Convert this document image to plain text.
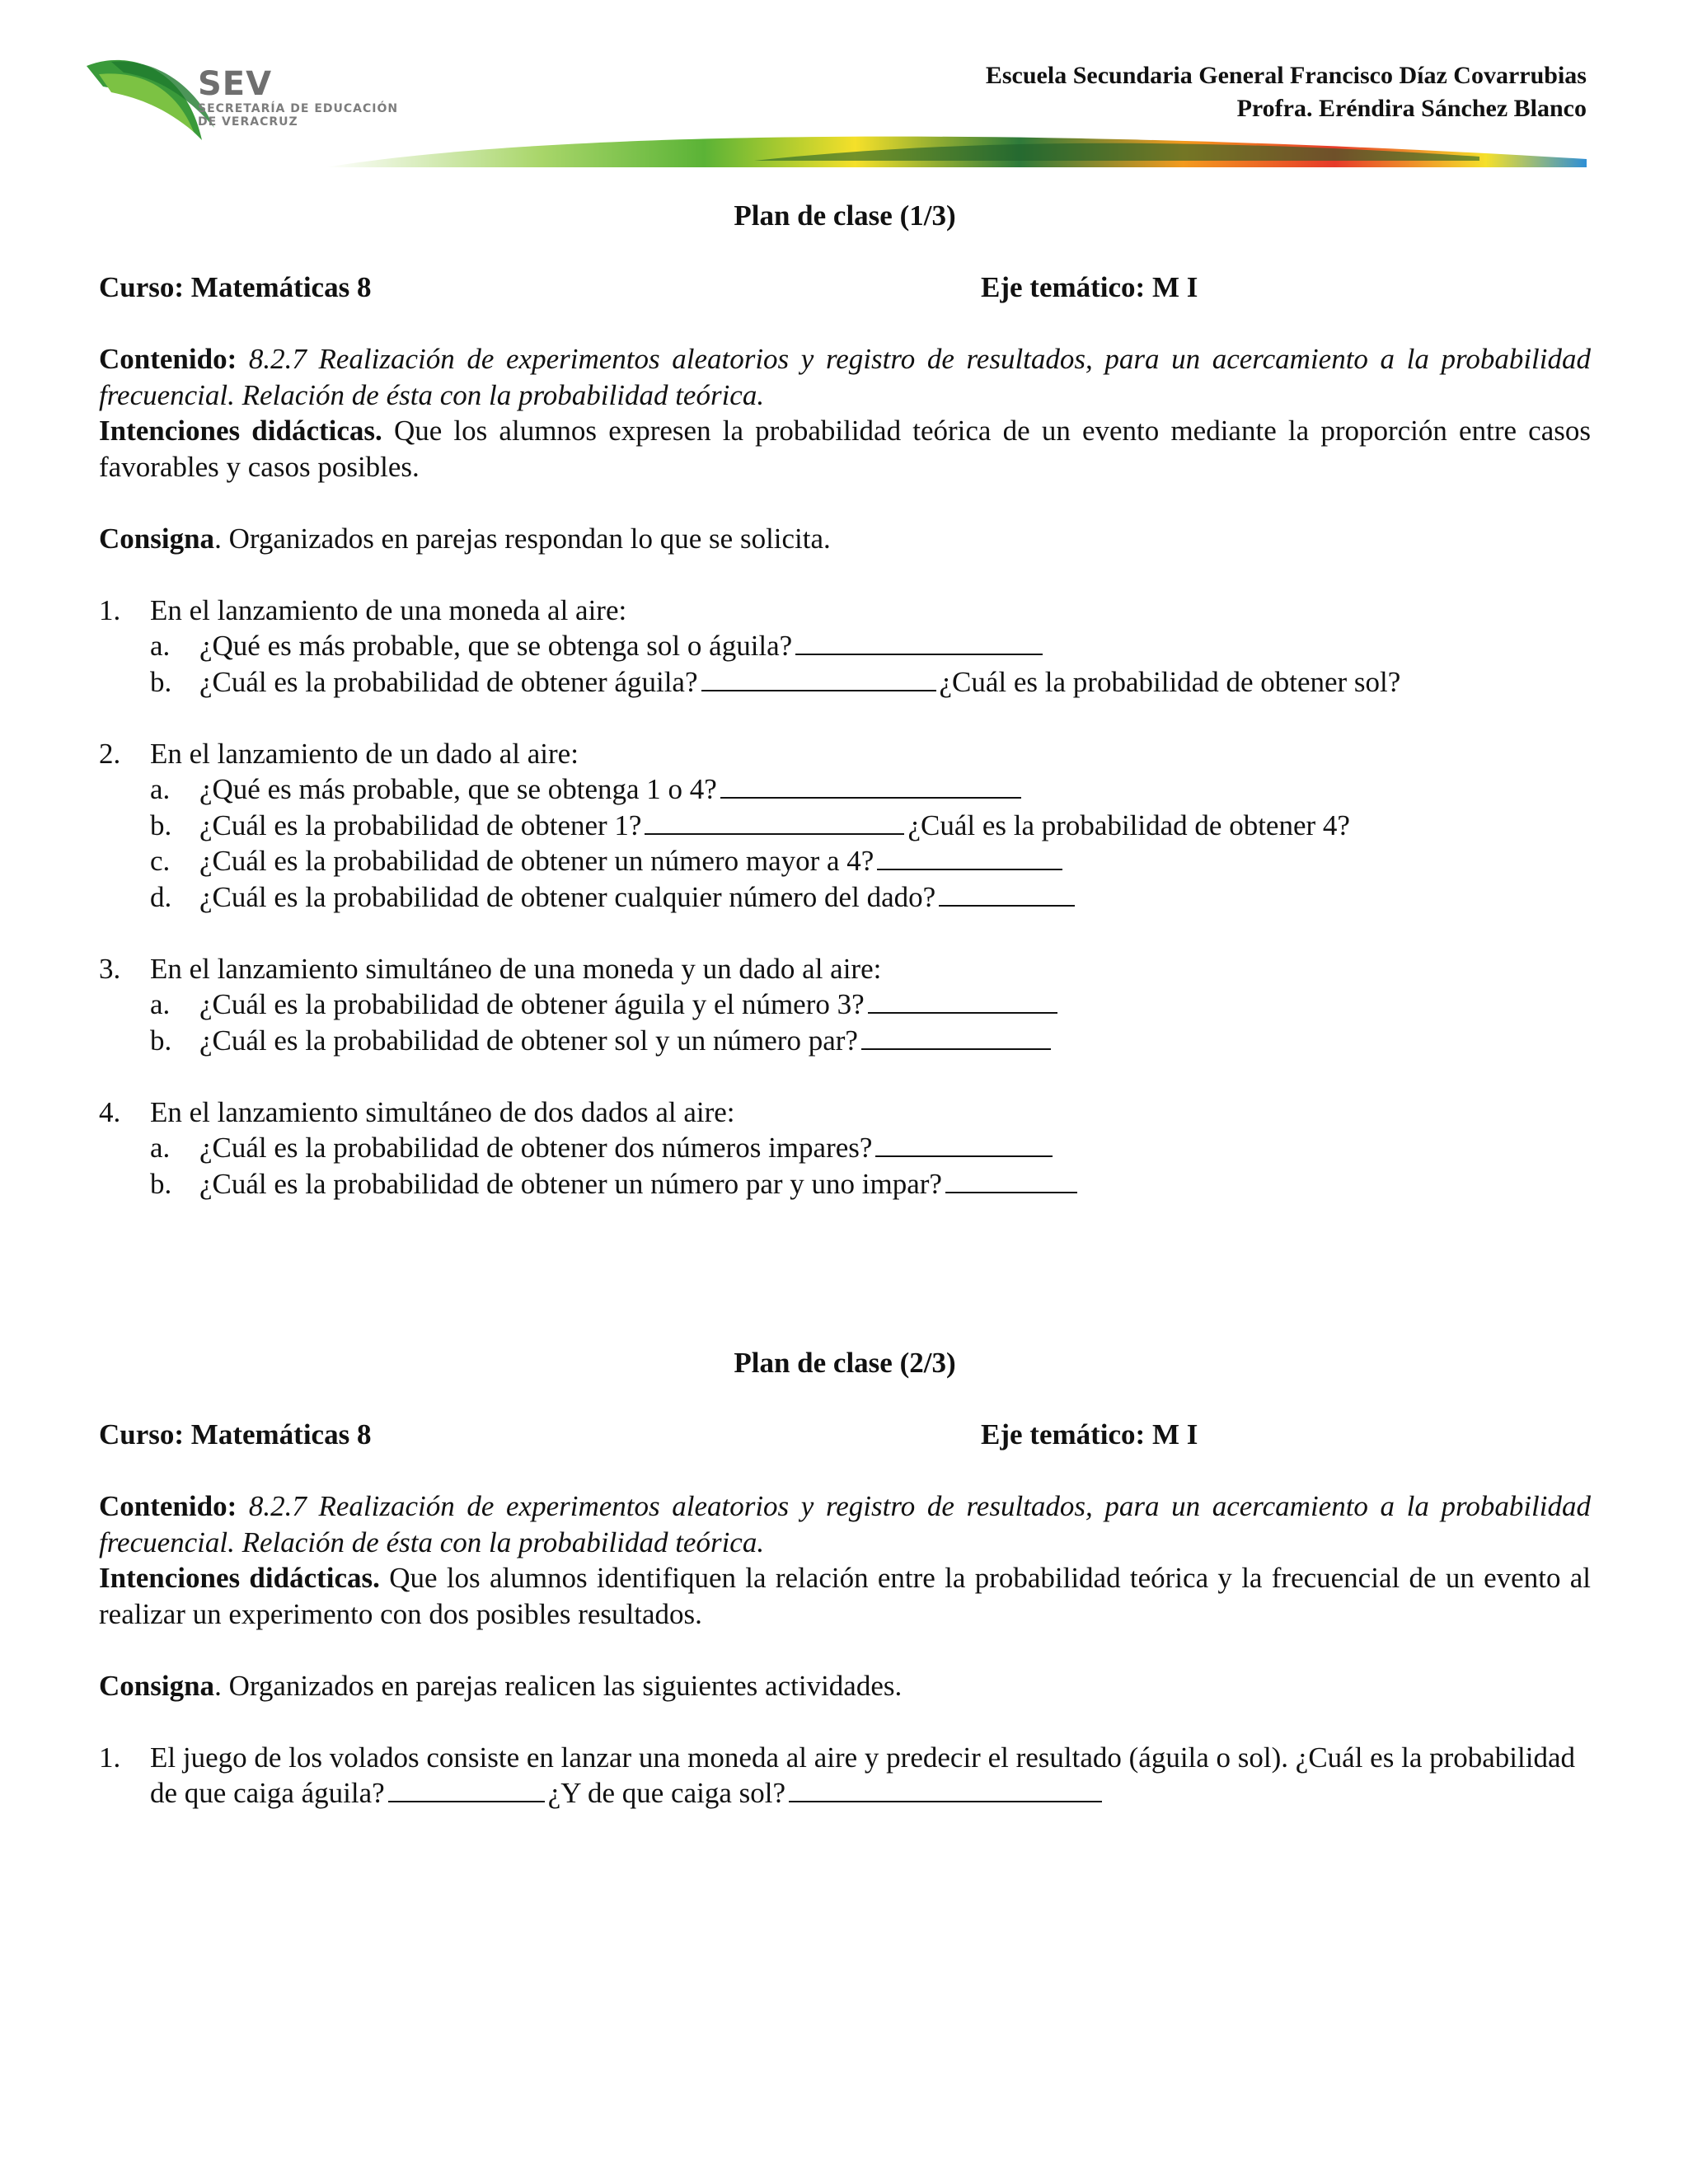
SEV
SECRETARÍA DE EDUCACIÓN
DE VERACRUZ
Escuela Secundaria General Francisco Díaz Covarrubias
Profra. Eréndira Sánchez Blanco

Plan de clase (1/3)

Curso: Matemáticas 8	Eje temático: M I

Contenido: 8.2.7 Realización de experimentos aleatorios y registro de resultados, para un acercamiento a la probabilidad frecuencial. Relación de ésta con la probabilidad teórica.

Intenciones didácticas. Que los alumnos expresen la probabilidad teórica de un evento mediante la proporción entre casos favorables y casos posibles.

Consigna. Organizados en parejas respondan lo que se solicita.

1. En el lanzamiento de una moneda al aire:
a. ¿Qué es más probable, que se obtenga sol o águila?
b. ¿Cuál es la probabilidad de obtener águila?	¿Cuál es la probabilidad de obtener sol?
2. En el lanzamiento de un dado al aire:
a. ¿Qué es más probable, que se obtenga 1 o 4?
b. ¿Cuál es la probabilidad de obtener 1?	¿Cuál es la probabilidad de obtener 4?
c. ¿Cuál es la probabilidad de obtener un número mayor a 4?
d. ¿Cuál es la probabilidad de obtener cualquier número del dado?
3. En el lanzamiento simultáneo de una moneda y un dado al aire:
a. ¿Cuál es la probabilidad de obtener águila y el número 3?
b. ¿Cuál es la probabilidad de obtener sol y un número par?
4. En el lanzamiento simultáneo de dos dados al aire:
a. ¿Cuál es la probabilidad de obtener dos números impares?
b. ¿Cuál es la probabilidad de obtener un número par y uno impar?

Plan de clase (2/3)

Curso: Matemáticas 8	Eje temático: M I

Contenido: 8.2.7 Realización de experimentos aleatorios y registro de resultados, para un acercamiento a la probabilidad frecuencial. Relación de ésta con la probabilidad teórica.

Intenciones didácticas. Que los alumnos identifiquen la relación entre la probabilidad teórica y la frecuencial de un evento al realizar un experimento con dos posibles resultados.

Consigna. Organizados en parejas realicen las siguientes actividades.

1. El juego de los volados consiste en lanzar una moneda al aire y predecir el resultado (águila o sol). ¿Cuál es la probabilidad de que caiga águila?	¿Y de que caiga sol?
